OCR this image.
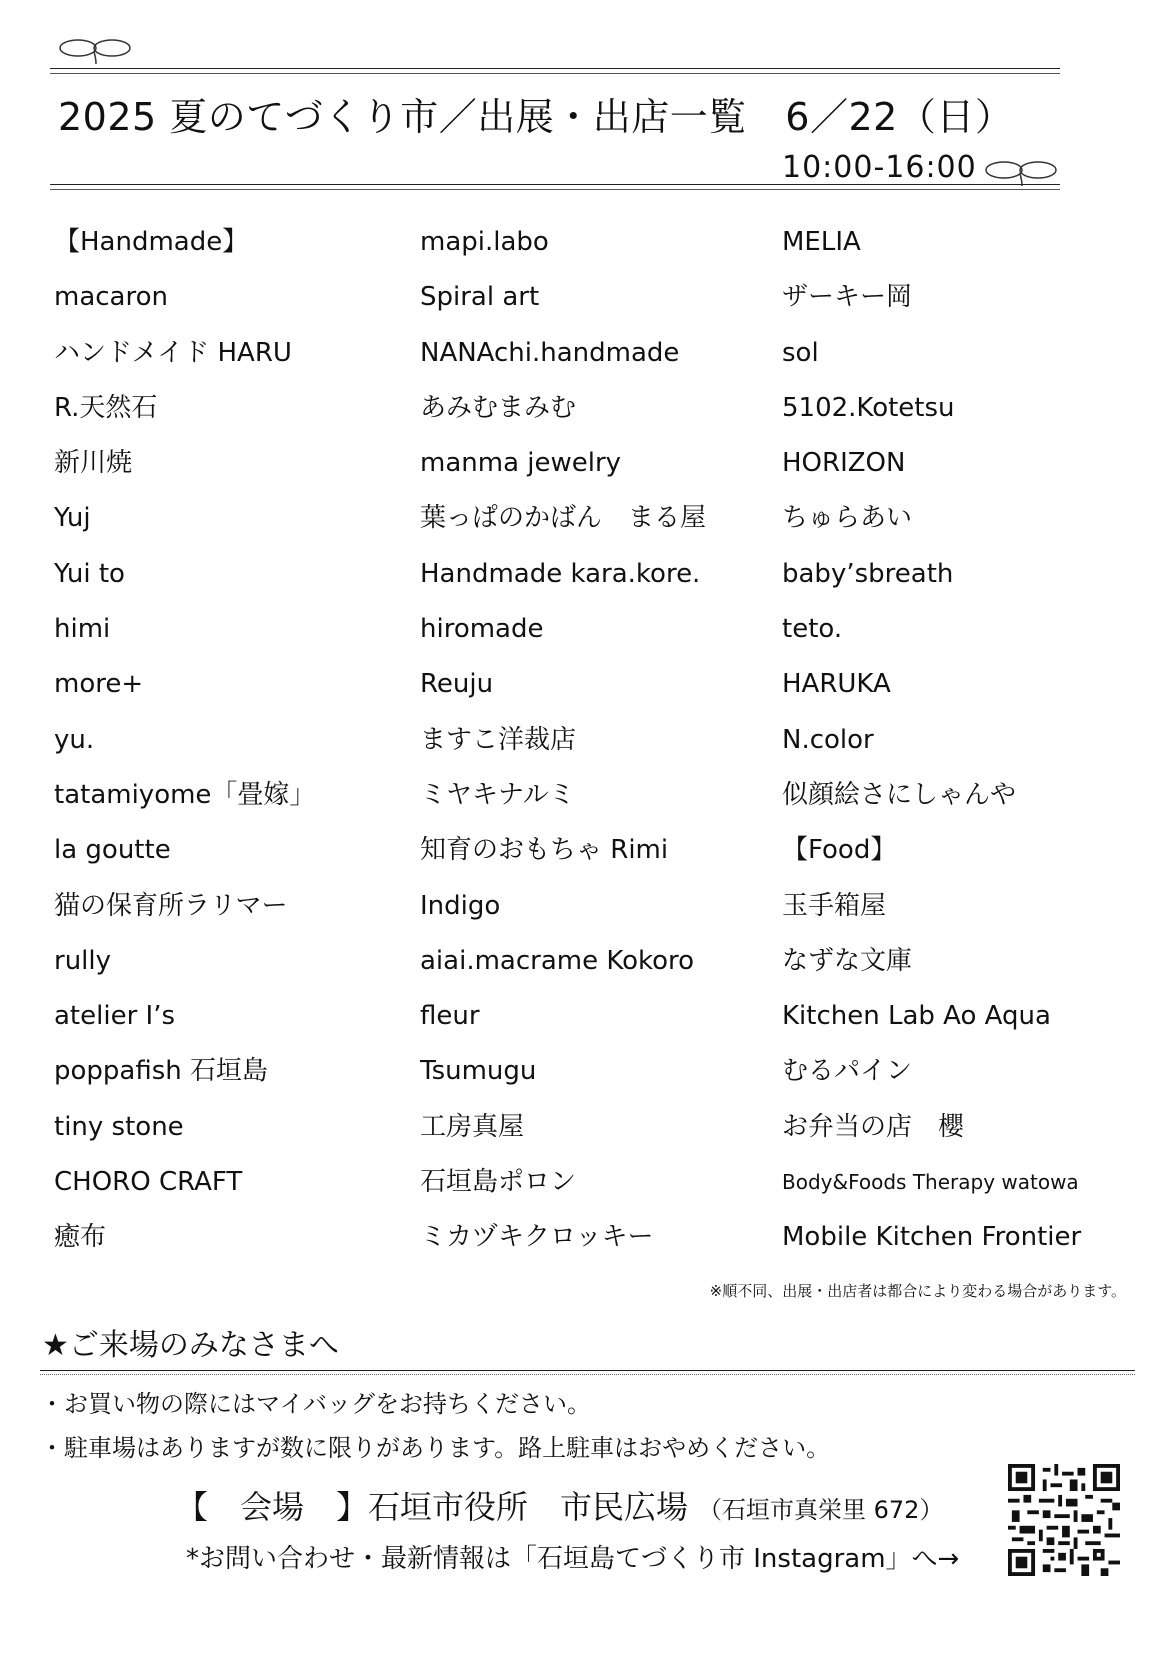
2025 夏のてづくり市／出展・出店一覧　6／22（日）
10:00-16:00
【Handmade】
macaron
ハンドメイド HARU
R.天然石
新川焼
Yuj
Yui to
himi
more+
yu.
tatamiyome「畳嫁」
la goutte
猫の保育所ラリマー
rully
atelier I’s
poppafish 石垣島
tiny stone
CHORO CRAFT
癒布
mapi.labo
Spiral art
NANAchi.handmade
あみむまみむ
manma jewelry
葉っぱのかばん　まる屋
Handmade kara.kore.
hiromade
Reuju
ますこ洋裁店
ミヤキナルミ
知育のおもちゃ Rimi
Indigo
aiai.macrame Kokoro
fleur
Tsumugu
工房真屋
石垣島ポロン
ミカヅキクロッキー
MELIA
ザーキー岡
sol
5102.Kotetsu
HORIZON
ちゅらあい
baby’sbreath
teto.
HARUKA
N.color
似顔絵さにしゃんや
【Food】
玉手箱屋
なずな文庫
Kitchen Lab Ao Aqua
むるパイン
お弁当の店　櫻
Body&Foods Therapy watowa
Mobile Kitchen Frontier
※順不同、出展・出店者は都合により変わる場合があります。
★ご来場のみなさまへ
・お買い物の際にはマイバッグをお持ちください。
・駐車場はありますが数に限りがあります。路上駐車はおやめください。
【　会場　】石垣市役所　市民広場 （石垣市真栄里 672）
*お問い合わせ・最新情報は「石垣島てづくり市 Instagram」へ→
